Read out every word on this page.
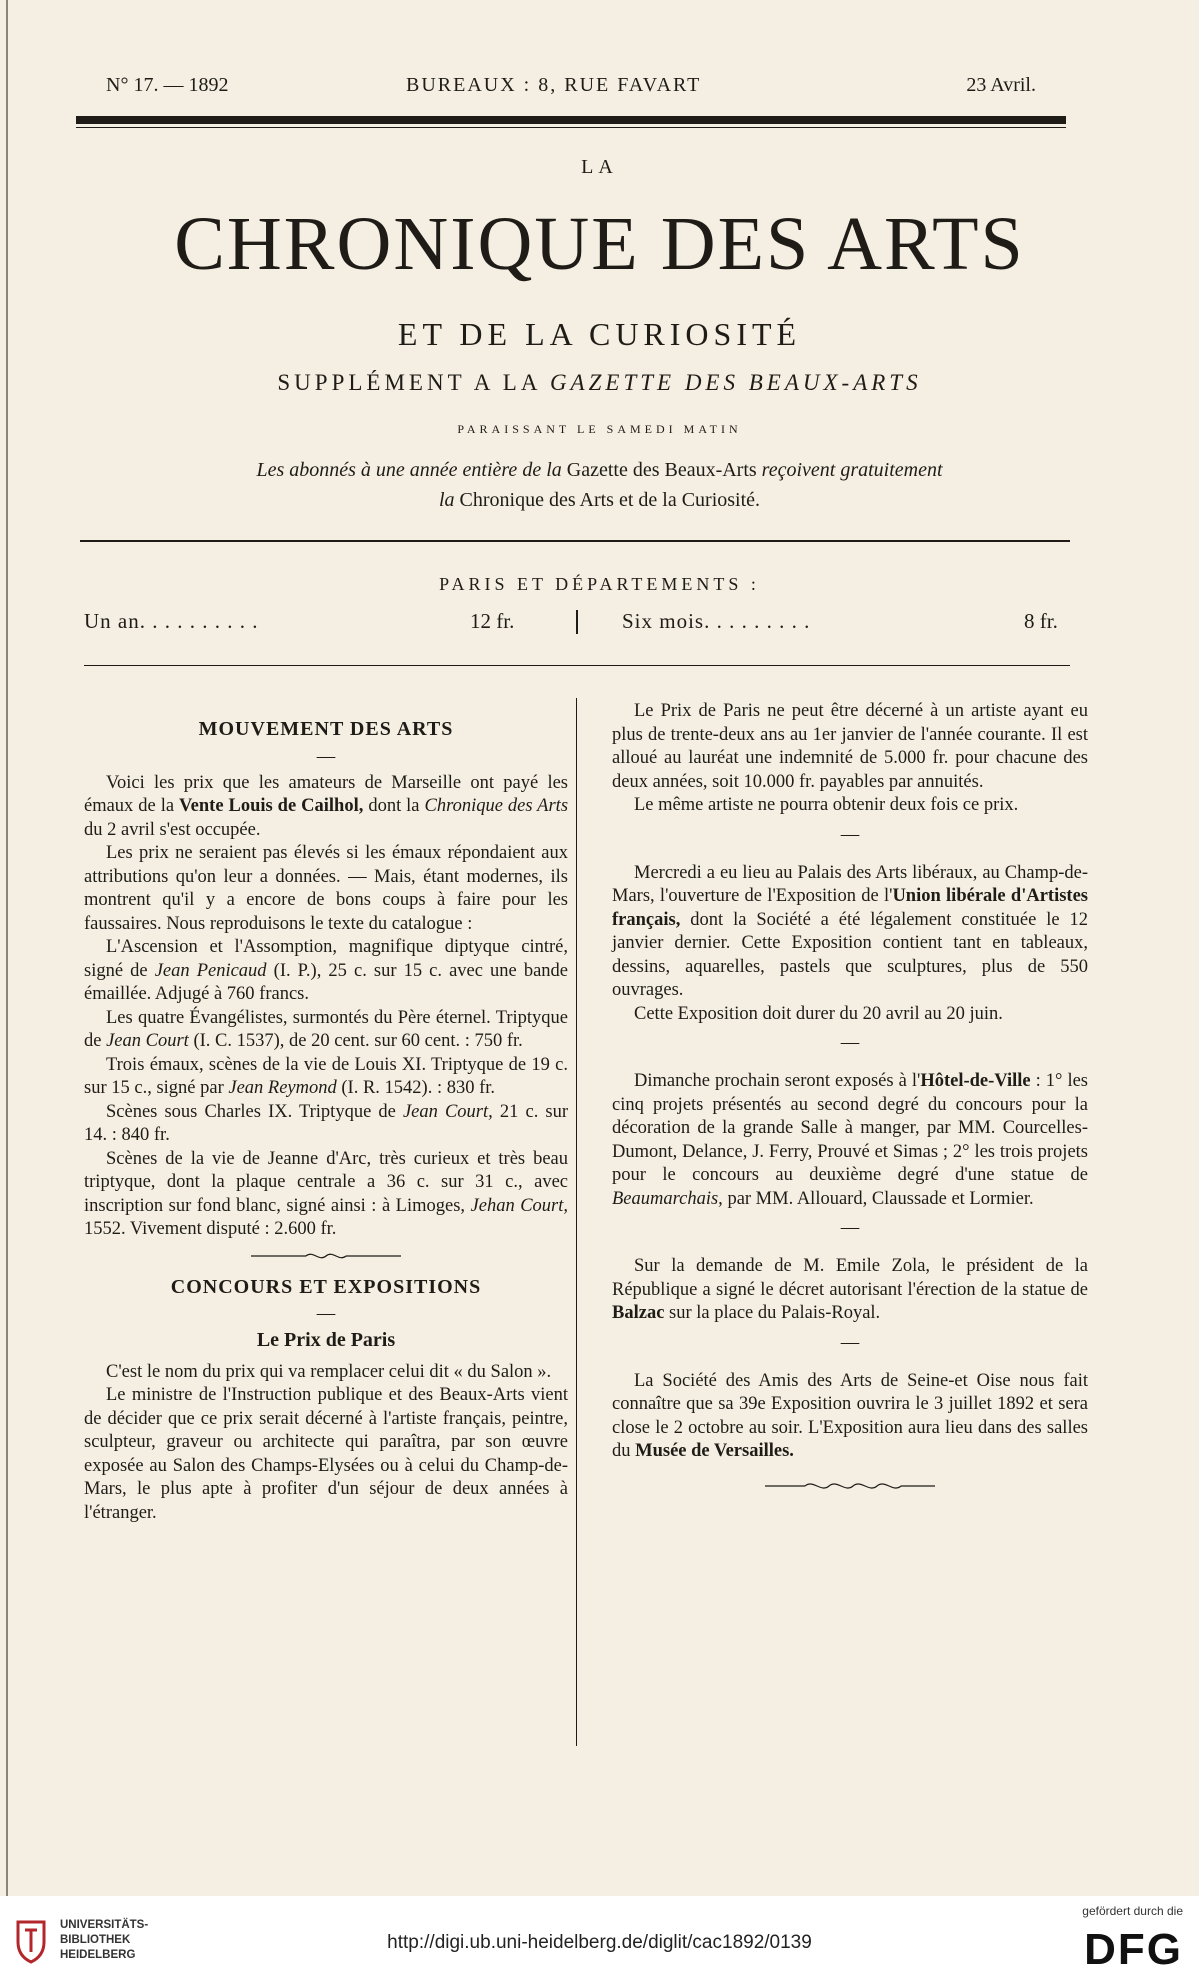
N° 17. — 1892	BUREAUX : 8, RUE FAVART	23 Avril.
LA
CHRONIQUE DES ARTS
ET DE LA CURIOSITÉ
SUPPLÉMENT A LA GAZETTE DES BEAUX-ARTS
PARAISSANT LE SAMEDI MATIN
Les abonnés à une année entière de la Gazette des Beaux-Arts reçoivent gratuitement
la Chronique des Arts et de la Curiosité.
PARIS ET DÉPARTEMENTS :
Un an. . . . . . . . . .	12 fr.	Six mois. . . . . . . . .	8 fr.
MOUVEMENT DES ARTS
—

Voici les prix que les amateurs de Marseille ont payé les émaux de la Vente Louis de Cailhol, dont la Chronique des Arts du 2 avril s'est occupée.

Les prix ne seraient pas élevés si les émaux répondaient aux attributions qu'on leur a données. — Mais, étant modernes, ils montrent qu'il y a encore de bons coups à faire pour les faussaires. Nous reproduisons le texte du catalogue :

L'Ascension et l'Assomption, magnifique diptyque cintré, signé de Jean Penicaud (I. P.), 25 c. sur 15 c. avec une bande émaillée. Adjugé à 760 francs.

Les quatre Évangélistes, surmontés du Père éternel. Triptyque de Jean Court (I. C. 1537), de 20 cent. sur 60 cent. : 750 fr.

Trois émaux, scènes de la vie de Louis XI. Triptyque de 19 c. sur 15 c., signé par Jean Reymond (I. R. 1542). : 830 fr.

Scènes sous Charles IX. Triptyque de Jean Court, 21 c. sur 14. : 840 fr.

Scènes de la vie de Jeanne d'Arc, très curieux et très beau triptyque, dont la plaque centrale a 36 c. sur 31 c., avec inscription sur fond blanc, signé ainsi : à Limoges, Jehan Court, 1552. Vivement disputé : 2.600 fr.

CONCOURS ET EXPOSITIONS
—
Le Prix de Paris

C'est le nom du prix qui va remplacer celui dit « du Salon ».

Le ministre de l'Instruction publique et des Beaux-Arts vient de décider que ce prix serait décerné à l'artiste français, peintre, sculpteur, graveur ou architecte qui paraîtra, par son œuvre exposée au Salon des Champs-Elysées ou à celui du Champ-de-Mars, le plus apte à profiter d'un séjour de deux années à l'étranger.

Le Prix de Paris ne peut être décerné à un artiste ayant eu plus de trente-deux ans au 1er janvier de l'année courante. Il est alloué au lauréat une indemnité de 5.000 fr. pour chacune des deux années, soit 10.000 fr. payables par annuités.

Le même artiste ne pourra obtenir deux fois ce prix.

—

Mercredi a eu lieu au Palais des Arts libéraux, au Champ-de-Mars, l'ouverture de l'Exposition de l'Union libérale d'Artistes français, dont la Société a été légalement constituée le 12 janvier dernier. Cette Exposition contient tant en tableaux, dessins, aquarelles, pastels que sculptures, plus de 550 ouvrages.

Cette Exposition doit durer du 20 avril au 20 juin.

—

Dimanche prochain seront exposés à l'Hôtel-de-Ville : 1° les cinq projets présentés au second degré du concours pour la décoration de la grande Salle à manger, par MM. Courcelles-Dumont, Delance, J. Ferry, Prouvé et Simas ; 2° les trois projets pour le concours au deuxième degré d'une statue de Beaumarchais, par MM. Allouard, Claussade et Lormier.

—

Sur la demande de M. Emile Zola, le président de la République a signé le décret autorisant l'érection de la statue de Balzac sur la place du Palais-Royal.

—

La Société des Amis des Arts de Seine-et Oise nous fait connaître que sa 39e Exposition ouvrira le 3 juillet 1892 et sera close le 2 octobre au soir. L'Exposition aura lieu dans des salles du Musée de Versailles.

UNIVERSITÄTS-
BIBLIOTHEK
HEIDELBERG
http://digi.ub.uni-heidelberg.de/diglit/cac1892/0139
gefördert durch die
DFG
